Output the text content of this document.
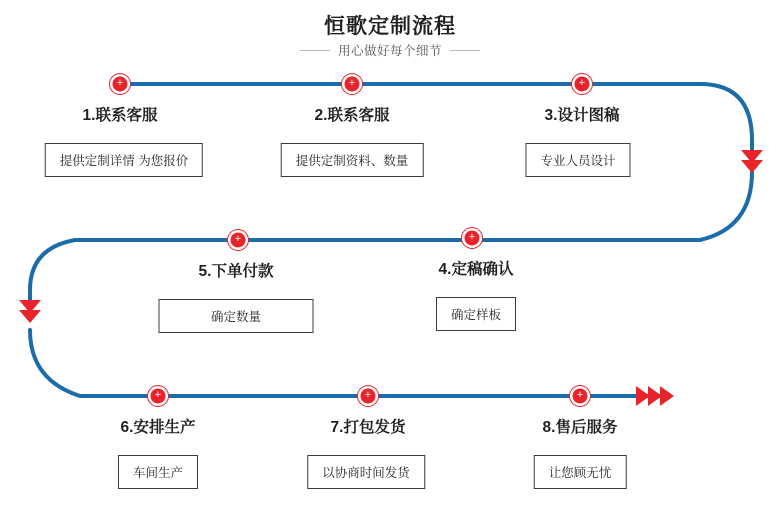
恒歌定制流程
用心做好每个细节
+	+	+
1.联系客服	2.联系客服	3.设计图稿
提供定制详情 为您报价	提供定制资料、数量	专业人员设计
+	+
5.下单付款	4.定稿确认
确定数量	确定样板
+	+	+
6.安排生产	7.打包发货	8.售后服务
车间生产	以协商时间发货	让您顾无忧
